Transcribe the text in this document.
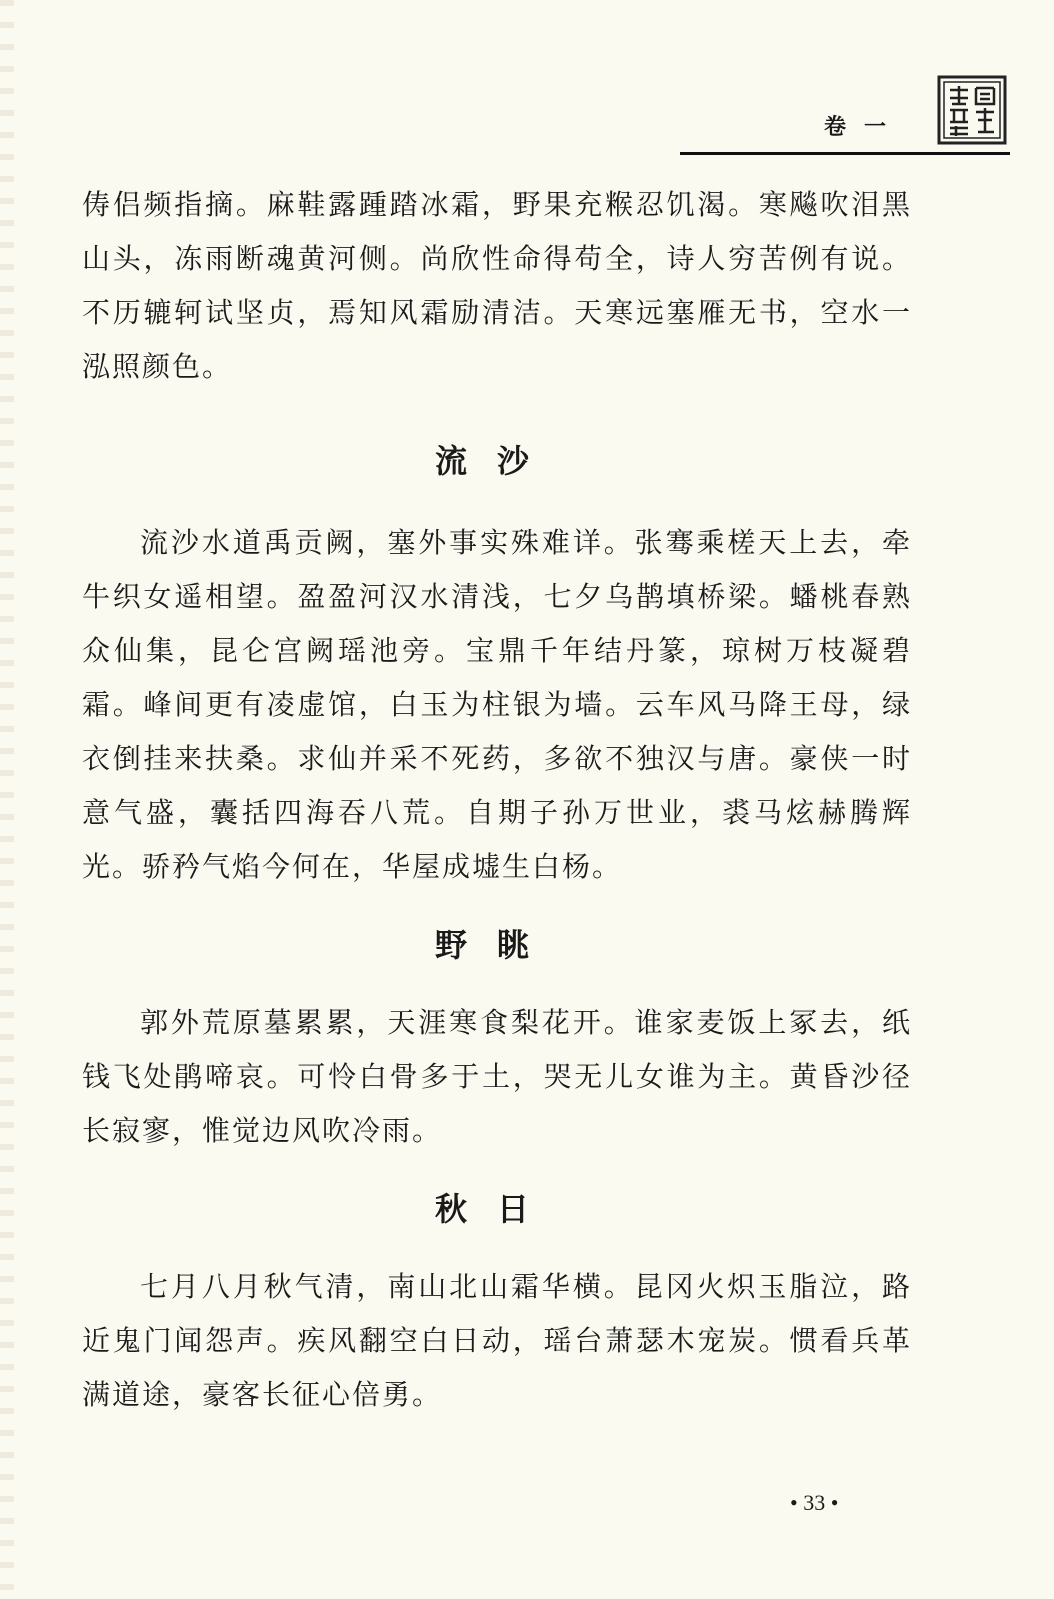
卷一

俦侣频指摘。麻鞋露踵踏冰霜，野果充糇忍饥渴。寒飚吹泪黑山头，冻雨断魂黄河侧。尚欣性命得苟全，诗人穷苦例有说。不历辘轲试坚贞，焉知风霜励清洁。天寒远塞雁无书，空水一泓照颜色。

流沙

流沙水道禹贡阙，塞外事实殊难详。张骞乘槎天上去，牵牛织女遥相望。盈盈河汉水清浅，七夕乌鹊填桥梁。蟠桃春熟众仙集，昆仑宫阙瑶池旁。宝鼎千年结丹篆，琼树万枝凝碧霜。峰间更有凌虚馆，白玉为柱银为墙。云车风马降王母，绿衣倒挂来扶桑。求仙并采不死药，多欲不独汉与唐。豪侠一时意气盛，囊括四海吞八荒。自期子孙万世业，裘马炫赫腾辉光。骄矜气焰今何在，华屋成墟生白杨。

野眺

郭外荒原墓累累，天涯寒食梨花开。谁家麦饭上冢去，纸钱飞处鹃啼哀。可怜白骨多于土，哭无儿女谁为主。黄昏沙径长寂寥，惟觉边风吹冷雨。

秋日

七月八月秋气清，南山北山霜华横。昆冈火炽玉脂泣，路近鬼门闻怨声。疾风翻空白日动，瑶台萧瑟木宠炭。惯看兵革满道途，豪客长征心倍勇。

• 33 •
